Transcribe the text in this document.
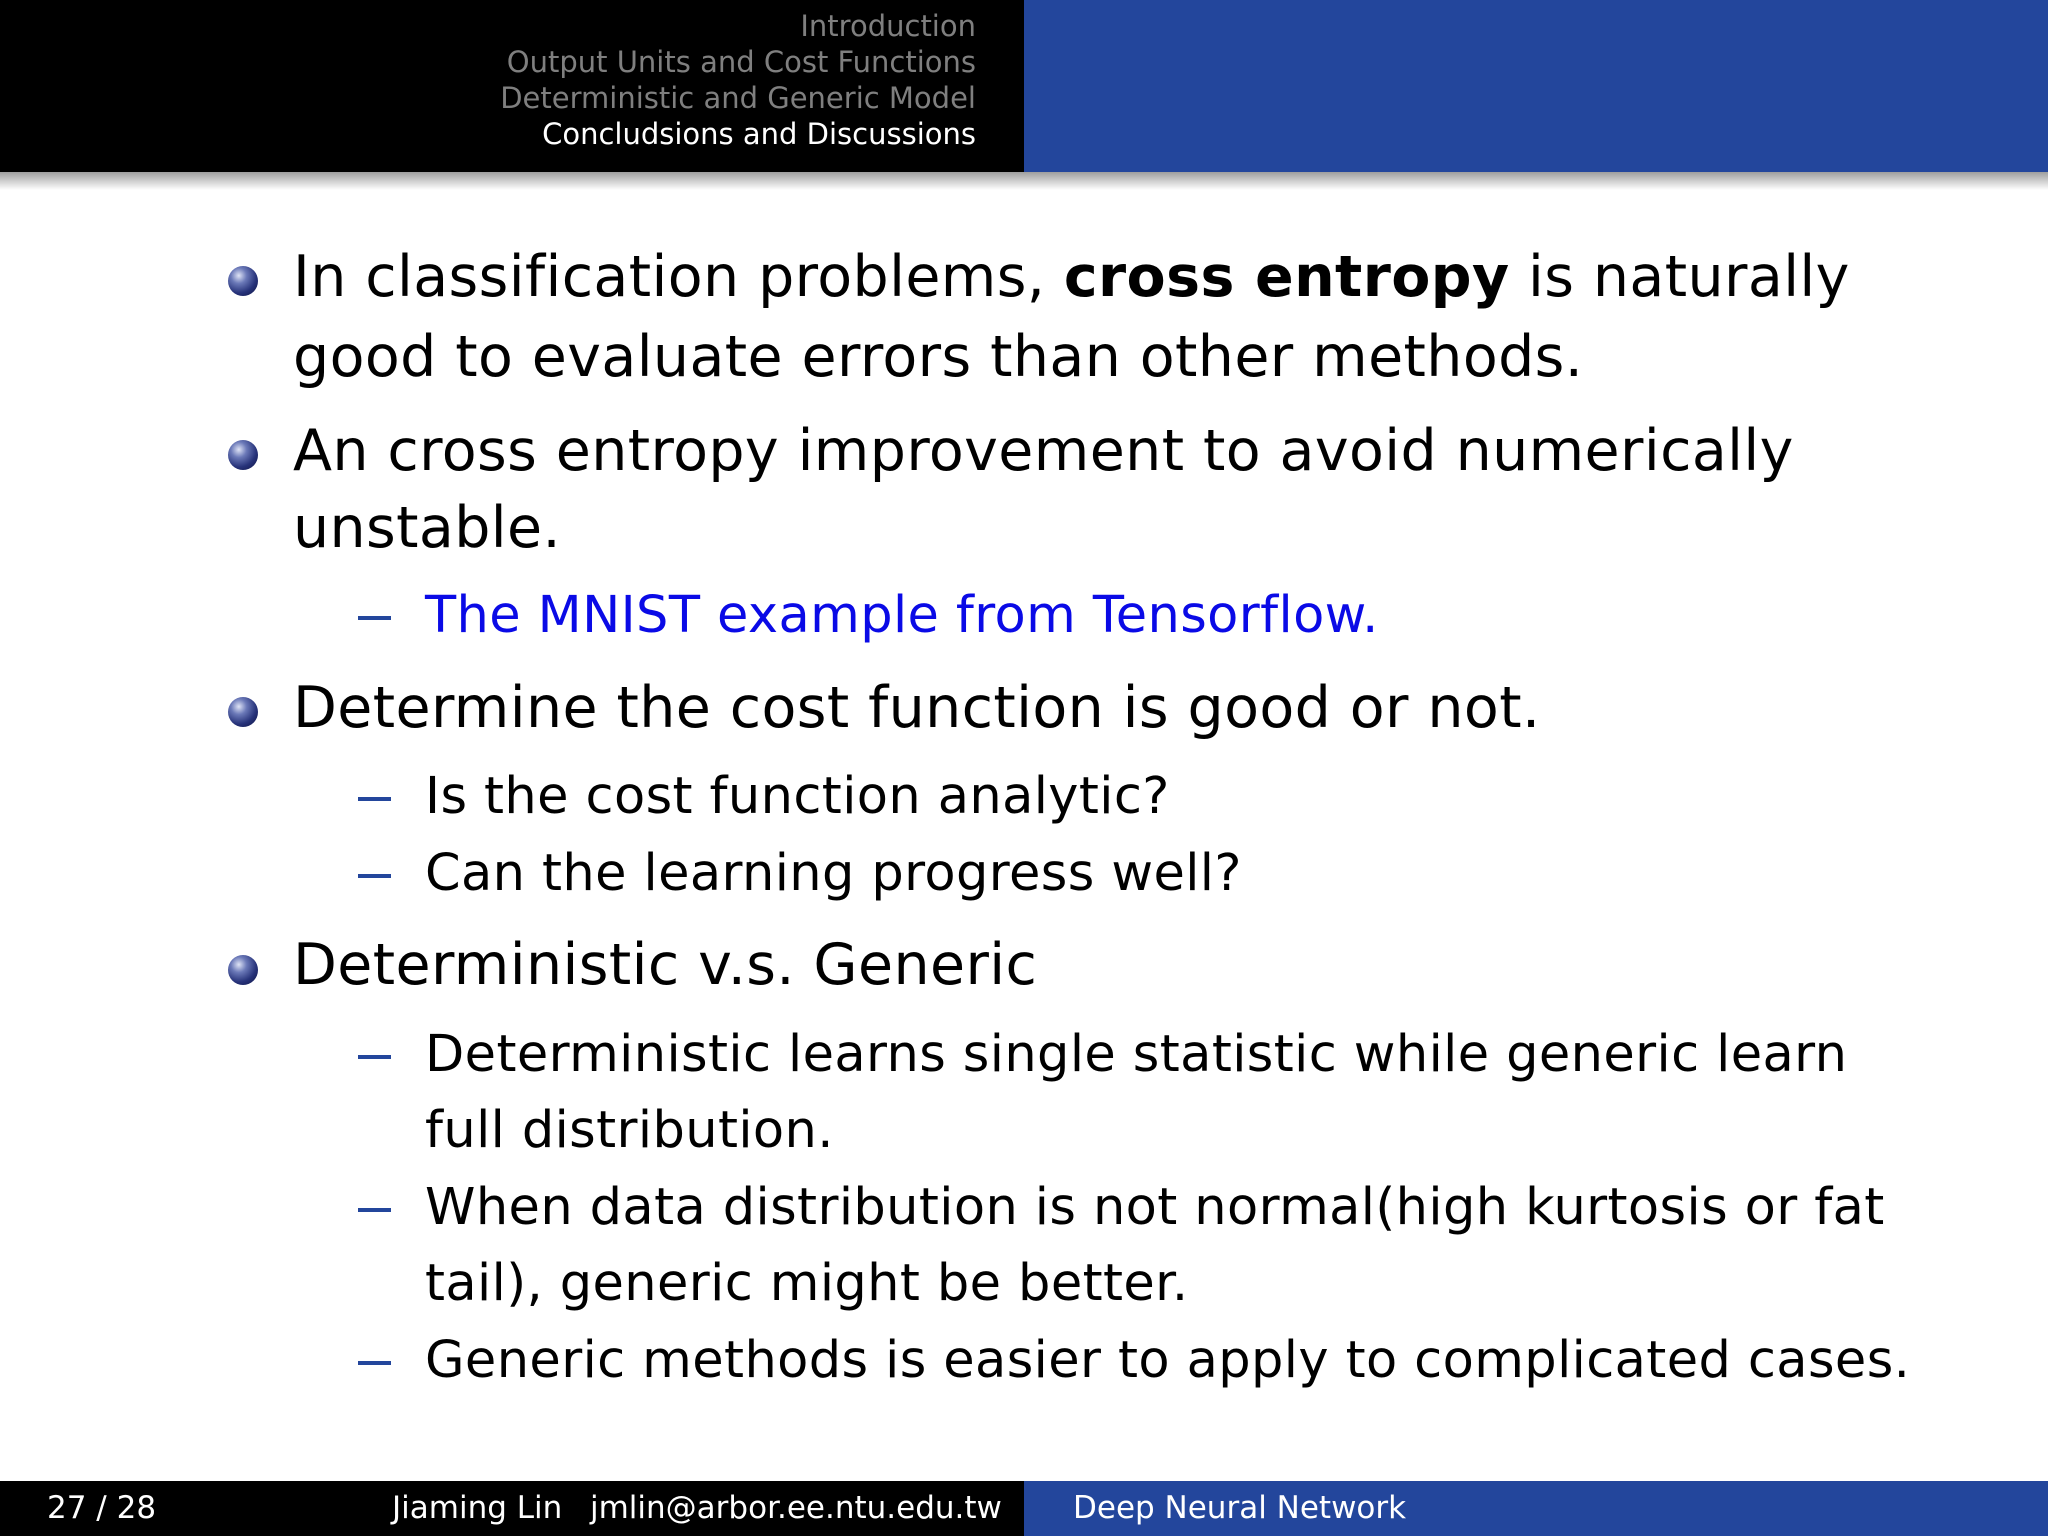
Introduction
Output Units and Cost Functions
Deterministic and Generic Model
Concludsions and Discussions
In classification problems, cross entropy is naturally
good to evaluate errors than other methods.
An cross entropy improvement to avoid numerically
unstable.
The MNIST example from Tensorflow.
Determine the cost function is good or not.
Is the cost function analytic?
Can the learning progress well?
Deterministic v.s. Generic
Deterministic learns single statistic while generic learn
full distribution.
When data distribution is not normal(high kurtosis or fat
tail), generic might be better.
Generic methods is easier to apply to complicated cases.
27 / 28	Jiaming Lin jmlin@arbor.ee.ntu.edu.tw Deep Neural Network
